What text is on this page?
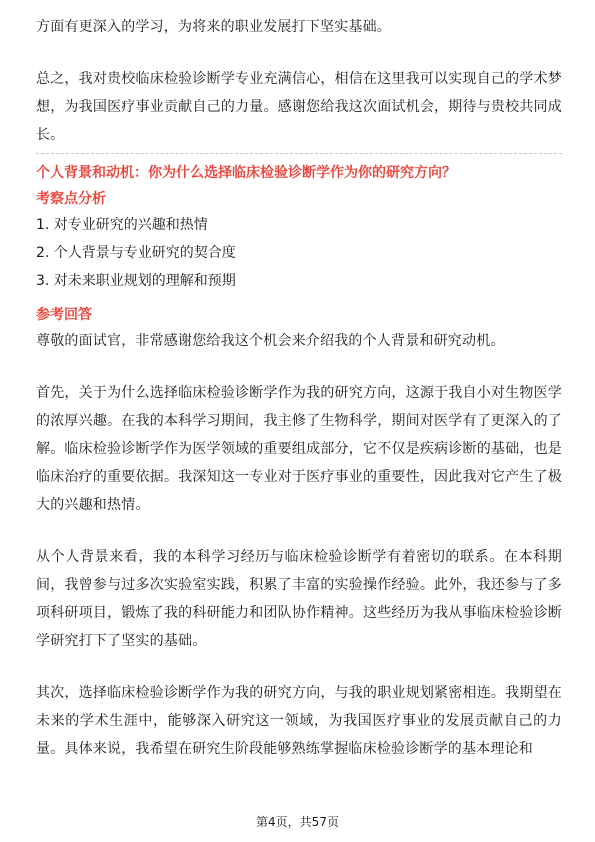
方面有更深入的学习，为将来的职业发展打下坚实基础。

总之，我对贵校临床检验诊断学专业充满信心，相信在这里我可以实现自己的学术梦想，为我国医疗事业贡献自己的力量。感谢您给我这次面试机会，期待与贵校共同成长。

个人背景和动机：你为什么选择临床检验诊断学作为你的研究方向？

考察点分析

1. 对专业研究的兴趣和热情

2. 个人背景与专业研究的契合度

3. 对未来职业规划的理解和预期

参考回答

尊敬的面试官，非常感谢您给我这个机会来介绍我的个人背景和研究动机。

首先，关于为什么选择临床检验诊断学作为我的研究方向，这源于我自小对生物医学的浓厚兴趣。在我的本科学习期间，我主修了生物科学，期间对医学有了更深入的了解。临床检验诊断学作为医学领域的重要组成部分，它不仅是疾病诊断的基础，也是临床治疗的重要依据。我深知这一专业对于医疗事业的重要性，因此我对它产生了极大的兴趣和热情。

从个人背景来看，我的本科学习经历与临床检验诊断学有着密切的联系。在本科期间，我曾参与过多次实验室实践，积累了丰富的实验操作经验。此外，我还参与了多项科研项目，锻炼了我的科研能力和团队协作精神。这些经历为我从事临床检验诊断学研究打下了坚实的基础。

其次，选择临床检验诊断学作为我的研究方向，与我的职业规划紧密相连。我期望在未来的学术生涯中，能够深入研究这一领域，为我国医疗事业的发展贡献自己的力量。具体来说，我希望在研究生阶段能够熟练掌握临床检验诊断学的基本理论和

第4页，共57页
